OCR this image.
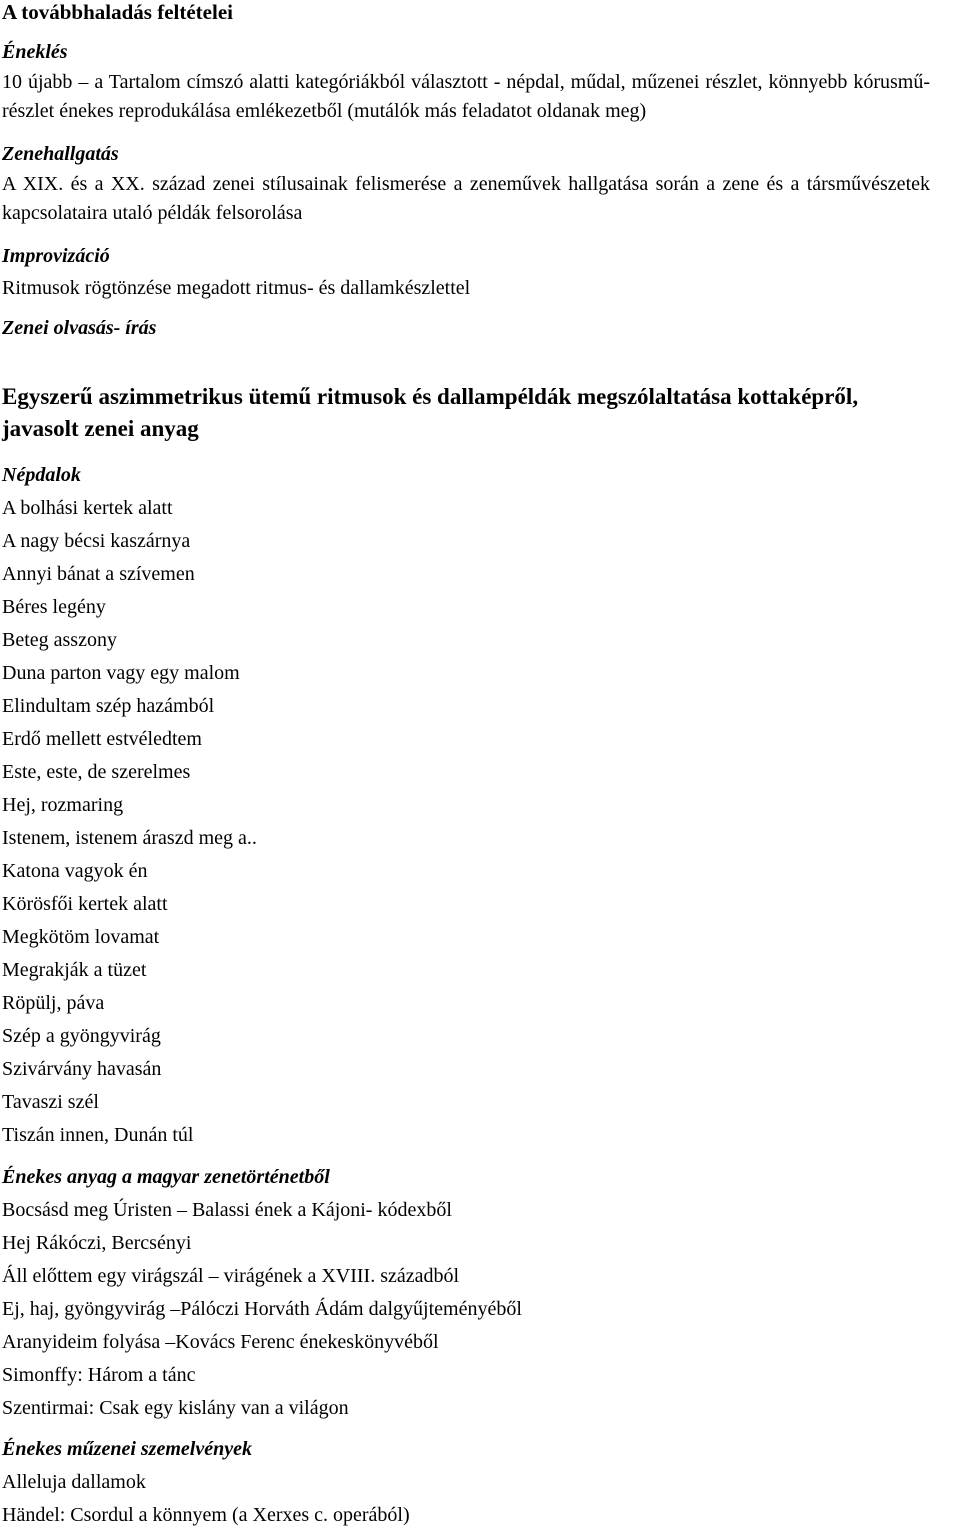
A továbbhaladás feltételei
Éneklés

10 újabb – a Tartalom címszó alatti kategóriákból választott - népdal, műdal, műzenei részlet, könnyebb kórusmű-részlet énekes reprodukálása emlékezetből (mutálók más feladatot oldanak meg)

Zenehallgatás

A XIX. és a XX. század zenei stílusainak felismerése a zeneművek hallgatása során a zene és a társművészetek kapcsolataira utaló példák felsorolása

Improvizáció

Ritmusok rögtönzése megadott ritmus- és dallamkészlettel

Zenei olvasás- írás
Egyszerű aszimmetrikus ütemű ritmusok és dallampéldák megszólaltatása kottaképről, javasolt zenei anyag
Népdalok
A bolhási kertek alatt
A nagy bécsi kaszárnya
Annyi bánat a szívemen
Béres legény
Beteg asszony
Duna parton vagy egy malom
Elindultam szép hazámból
Erdő mellett estvéledtem
Este, este, de szerelmes
Hej, rozmaring
Istenem, istenem áraszd meg a..
Katona vagyok én
Körösfői kertek alatt
Megkötöm lovamat
Megrakják a tüzet
Röpülj, páva
Szép a gyöngyvirág
Szivárvány havasán
Tavaszi szél
Tiszán innen, Dunán túl
Énekes anyag a magyar zenetörténetből
Bocsásd meg Úristen – Balassi ének a Kájoni- kódexből
Hej Rákóczi, Bercsényi
Áll előttem egy virágszál – virágének a XVIII. századból
Ej, haj, gyöngyvirág –Pálóczi Horváth Ádám dalgyűjteményéből
Aranyideim folyása –Kovács Ferenc énekeskönyvéből
Simonffy: Három a tánc
Szentirmai: Csak egy kislány van a világon
Énekes műzenei szemelvények
Alleluja dallamok
Händel: Csordul a könnyem (a Xerxes c. operából)
